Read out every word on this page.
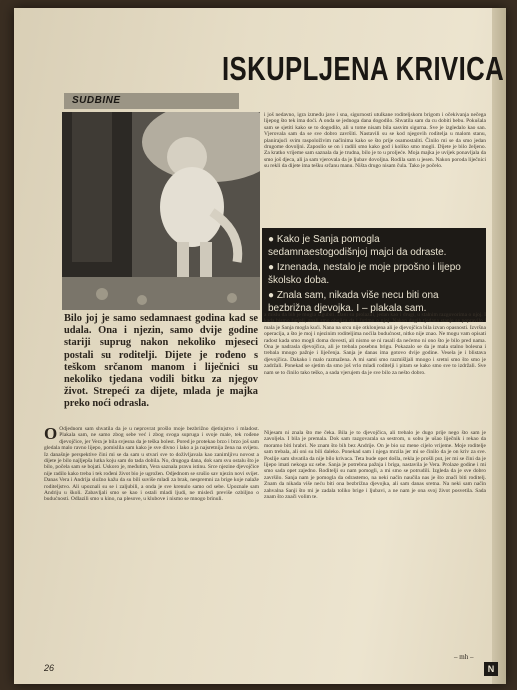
ISKUPLJENA KRIVICA
SUDBINE

Bilo joj je samo sedamnaest godina kad se udala. Ona i njezin, samo dvije godine stariji suprug nakon nekoliko mjeseci postali su roditelji. Dijete je rođeno s teškom srčanom manom i liječnici su nekoliko tjedana vodili bitku za njegov život. Strepeći za dijete, mlada je majka preko noći odrasla.

● Kako je Sanja pomogla sedamnaestogodišnjoj majci da odraste.
● Iznenada, nestalo je moje prpošno i lijepo školsko doba.
● Znala sam, nikada više necu biti ona bezbrižna djevojka. I – plakala sam.
i još nedavno, igra između jave i sna, sigurnosti utulkane roditeljskom brigom i očekivanja nečega lijepog što tek ima doći. A onda se jednoga dana dogodilo. Shvatila sam da cu dobiti bebu. Pokušala sam se sjetiti kako se to dogodilo, ali u tome nisam bila sasvim sigurna. Sve je izgledalo kao san. Vjerovala sam da se sve dobro završiti. Nastavili su se kod njegovih roditelja u malom stanu, planirajući svim raspoloživim načinima kako se što prije osamostaliti. Činilo mi se da smo jedan drugome dovoljni. Zaposlio se on i radili smo kako god i koliko smo mogli. Dijete je bilo željeno. Za kratko vrijeme sam saznala da je trudna, bilo je to u proljeće. Moja majka je uvijek ponavljala da smo još djeca, ali ja sam vjerovala da je ljubav dovoljna. Rodila sam u jesen. Nakon poroda liječnici su rekli da dijete ima tešku srčanu manu. Ništa drugo nisam čula. Tako je počelo.
a mislu da bih je mogla izgubiti. Dani su prolazili, jedan kao i drugi, u stalnim razgovorima o njoj. I kada bismo šutjeli, znali smo obojica da i šutimo o njoj. Nakon dugih tjedana stanje se popravilo i mala je Sanja mogla kući. Nana na srcu nije otklonjena ali je djevojčica bila izvan opasnosti. Izvršna operacija, a što je moj i njezinim roditeljima noćila budućnost, nitko nije znao. Ne mogu vam opisati radost kada smo mogli doma dovesti, ali nismo se ni rasali da nećemo ni ono što je bilo pred nama. Ona je nadrasla djevojčica, ali je trebala posebnu brigu. Pokazalo se da je mala stalno bolesna i trebala mnogo pažnje i liječenja. Sanja je danas ima gotovo dvije godine. Vesela je i blistava djevojčica. Dakako i malo razmažena. A mi sami smo razmišljali mnogo i sretni smo što smo je zadržali. Ponekad se sjetim da smo još vrlo mladi roditelji i pitam se kako smo sve to izdržali. Sve nam se to činilo tako teško, a sada vjerujem da je sve bilo za nešto dobro.
O Odjednom sam shvatila da je u neprovrat prošlo moje bezbrižno djetinjstvo i mladost. Plakala sam, ne samo zbog sebe već i zbog svoga supruga i svoje male, tek rođene djevojčice, jer Vera je bila svjesna da je teška bolest. Pored je protekao brzo i brzo još sam gledala malo ravno lijepo, pomislila sam kako je sve divno i lako a ja najsretnija žena na svijetu. Iz današnje perspektive čini mi se da sam u stvari sve to doživljavala kao zanimljivu novost a dijete je bilo najljepša lutka koju sam do tada dobila. No, drugoga dana, dok sam svu ostalu što je bilo, počela sam se bojati. Uskoro je, međutim, Vera saznala pravu istinu. Srce njezine djevojčice nije radilo kako treba i tek rođeni život bio je ugrožen. Odjednom se srušio sav njezin novi svijet. Danas Vera i Andrija složno kažu da su bili suviše mladi za brak, nespremni za brige koje nalaže roditeljstvo. Ali upoznali su se i zaljubili, a onda je sve krenulo samo od sebe. Upoznale sam Andriju u školi. Zabavljali smo se kao i ostali mladi ljudi, ne misleći previše ozbiljno o budućnosti. Odlazili smo u kino, na plesove, u klubove i nismo se mnogo brinuli.
Nijesam ni znala što me čeka. Bila je to djevojčica, ali trebalo je dugo prije nego što sam je zavoljela. I bila je premala. Dok sam razgovarala sa sestrom, u sobu je ušao liječnik i rekao da moramo biti hrabri. Ne znam što bih bez Andrije. On je bio uz mene cijelo vrijeme. Moje roditelje sam trebala, ali oni su bili daleko. Ponekad sam i njega mrzila jer mi se činilo da je on kriv za sve. Poslije sam shvatila da nije bilo krivaca. Teta bude opet došla, rekla je prošli put, jer mi se čini da je lijepo imati nekoga uz sebe. Sanja je potrebna pažnja i briga, nastavila je Vera. Prolaze godine i mi smo sada opet zajedno. Roditelji su nam pomogli, a mi smo se potrudili. Izgleda da je sve dobro završilo. Sanja nam je pomogla da odrastemo, na neki način naučila nas je što znači biti roditelj. Znam da nikada više neću biti ona bezbrižna djevojka, ali sam danas sretna. Na neki sam način zahvalna Sanji što mi je zadala toliko brige i ljubavi, a ne nam je ona svoj život posvetila. Sada znam što znači volim te.
– mh –
26	N
